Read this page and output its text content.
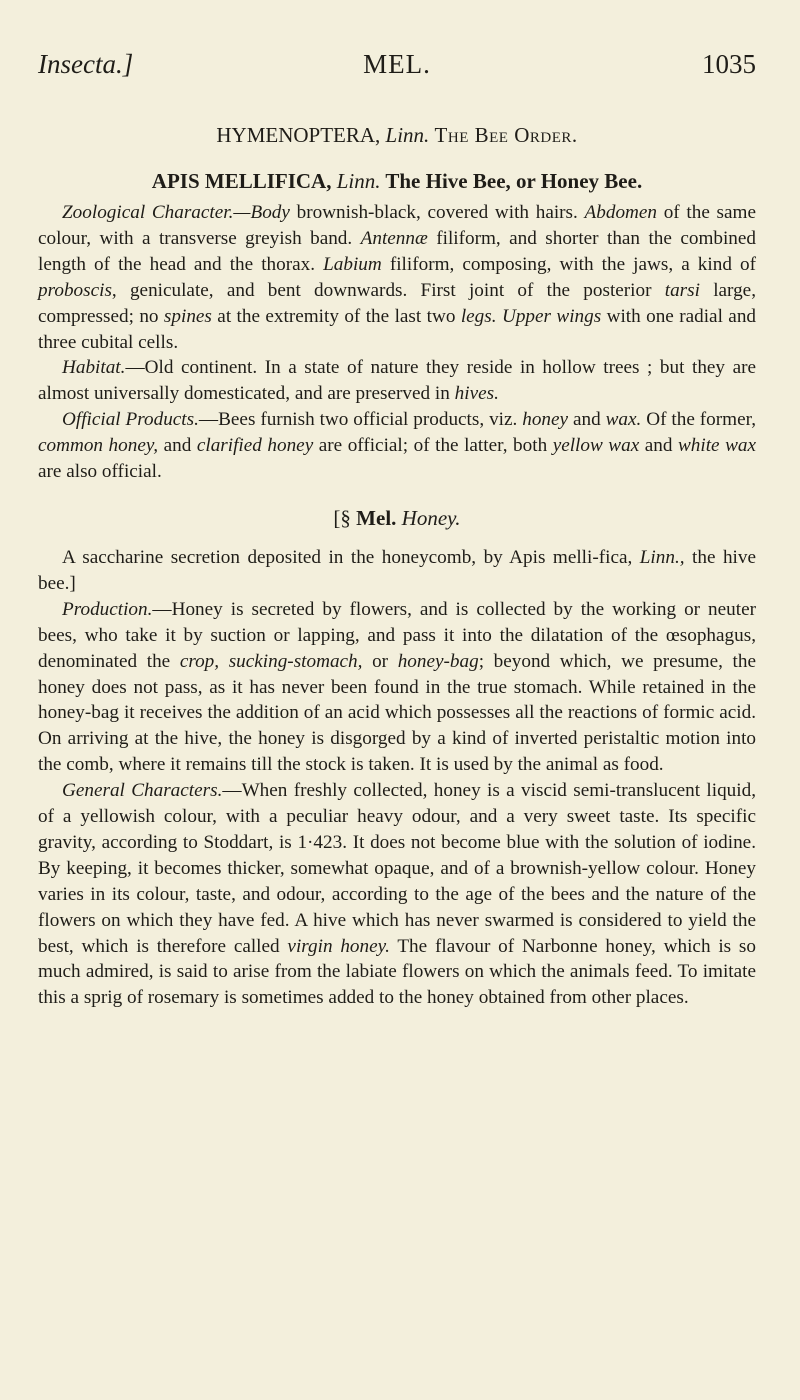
Insecta.]	MEL.	1035
HYMENOPTERA, Linn. The Bee Order.
APIS MELLIFICA, Linn. The Hive Bee, or Honey Bee.

Zoological Character.—Body brownish-black, covered with hairs. Abdomen of the same colour, with a transverse greyish band. Antennæ filiform, and shorter than the combined length of the head and the thorax. Labium filiform, composing, with the jaws, a kind of proboscis, geniculate, and bent downwards. First joint of the posterior tarsi large, compressed; no spines at the extremity of the last two legs. Upper wings with one radial and three cubital cells.

Habitat.—Old continent. In a state of nature they reside in hollow trees ; but they are almost universally domesticated, and are preserved in hives.

Official Products.—Bees furnish two official products, viz. honey and wax. Of the former, common honey, and clarified honey are official; of the latter, both yellow wax and white wax are also official.

[§ Mel. Honey.

A saccharine secretion deposited in the honeycomb, by Apis melli-fica, Linn., the hive bee.]

Production.—Honey is secreted by flowers, and is collected by the working or neuter bees, who take it by suction or lapping, and pass it into the dilatation of the œsophagus, denominated the crop, sucking-stomach, or honey-bag; beyond which, we presume, the honey does not pass, as it has never been found in the true stomach. While retained in the honey-bag it receives the addition of an acid which possesses all the reactions of formic acid. On arriving at the hive, the honey is disgorged by a kind of inverted peristaltic motion into the comb, where it remains till the stock is taken. It is used by the animal as food.

General Characters.—When freshly collected, honey is a viscid semi-translucent liquid, of a yellowish colour, with a peculiar heavy odour, and a very sweet taste. Its specific gravity, according to Stoddart, is 1·423. It does not become blue with the solution of iodine. By keeping, it becomes thicker, somewhat opaque, and of a brownish-yellow colour. Honey varies in its colour, taste, and odour, according to the age of the bees and the nature of the flowers on which they have fed. A hive which has never swarmed is considered to yield the best, which is therefore called virgin honey. The flavour of Narbonne honey, which is so much admired, is said to arise from the labiate flowers on which the animals feed. To imitate this a sprig of rosemary is sometimes added to the honey obtained from other places.
